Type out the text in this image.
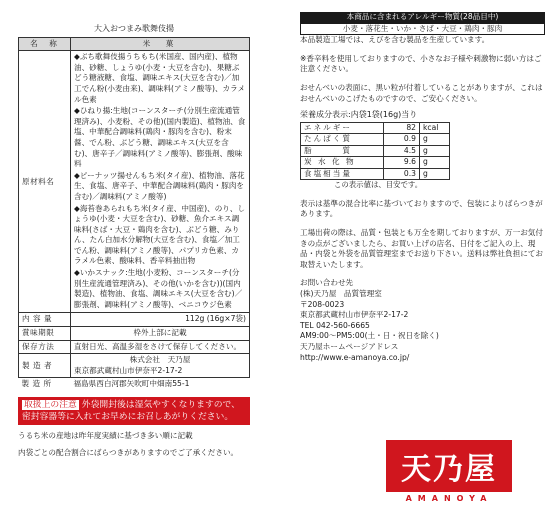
大入おつまみ歌舞伎揚
名　称	米　菓
原材料名	◆ぶち歌舞伎揚うちもち(米国産、国内産)、植物油、砂糖、しょうゆ(小麦・大豆を含む)、果糖ぶどう糖液糖、食塩、調味エキス(大豆を含む)／加工でん粉(小麦由来)、調味料(アミノ酸等)、カラメル色素
◆ひねり揚:生地(コーンスターチ(分別生産流通管理済み)、小麦粉、その他)(国内製造)、植物油、食塩、中華配合調味料(鶏肉・豚肉を含む)、粉末醤、でん粉、ぶどう糖、調味エキス(大豆を含む)、唐辛子／調味料(アミノ酸等)、膨張剤、酸味料
◆ピーナッツ揚せんもち米(タイ産)、植物油、落花生、食塩、唐辛子、中華配合調味料(鶏肉・豚肉を含む)／調味料(アミノ酸等)
◆海苔巻あられもち米(タイ産、中国産)、のり、しょうゆ(小麦・大豆を含む)、砂糖、魚介エキス調味料(さば・大豆・鶏肉を含む)、ぶどう糖、みりん、たん白加水分解物(大豆を含む)、食塩／加工でん粉、調味料(アミノ酸等)、パプリカ色素、カラメル色素、酸味料、香辛料抽出物
◆いかスナック:生地(小麦粉、コーンスターチ(分別生産流通管理済み)、その他(いかを含む))(国内製造)、植物油、食塩、調味エキス(大豆を含む)／膨張剤、調味料(アミノ酸等)、ベニコウジ色素

内 容 量	112g (16g×7袋)
賞味期限	枠外上部に記載
保存方法	直射日光、高温多湿をさけて保存してください。
製 造 者	株式会社　天乃屋
東京都武蔵村山市伊奈平2-17-2

製 造 所	福島県西白河郡矢吹町中畑南55-1
取扱上の注意 外袋開封後は湿気やすくなりますので、密封容器等に入れてお早めにお召しあがりください。
うるち米の産地は昨年度実績に基づき多い順に記載
内袋ごとの配合割合にばらつきがありますのでご了承ください。
本商品に含まれるアレルギー物質(28品目中)
小麦・落花生・いか・さば・大豆・鶏肉・豚肉
本品製造工場では、えびを含む製品を生産しています。
※香辛料を使用しておりますので、小さなお子様や刺激物に弱い方はご注意ください。
おせんべいの表面に、黒い粒が付着していることがありますが、これはおせんべいのこげたものですので、ご安心ください。
栄養成分表示:内袋1袋(16g)当り
エネルギー	82	kcal
たんぱく質	0.9	g
脂　　　質	4.5	g
炭 水 化 物	9.6	g
食塩相当量	0.3	g
この表示値は、目安です。
表示は基準の混合比率に基づいておりますので、包装によりばらつきがあります。
工場出荷の際は、品質・包装とも万全を期しておりますが、万一お気付きの点がございましたら、お買い上げの店名、日付をご記入の上、現品・内袋と外袋を品質管理室までお送り下さい。送料は弊社負担にてお取替えいたします。
お問い合わせ先
(株)天乃屋　品質管理室
〒208-0023
東京都武蔵村山市伊奈平2-17-2
TEL 042-560-6665
AM9:00〜PM5:00(土・日・祝日を除く)
天乃屋ホームページアドレス
http://www.e-amanoya.co.jp/
天乃屋
AMANOYA
